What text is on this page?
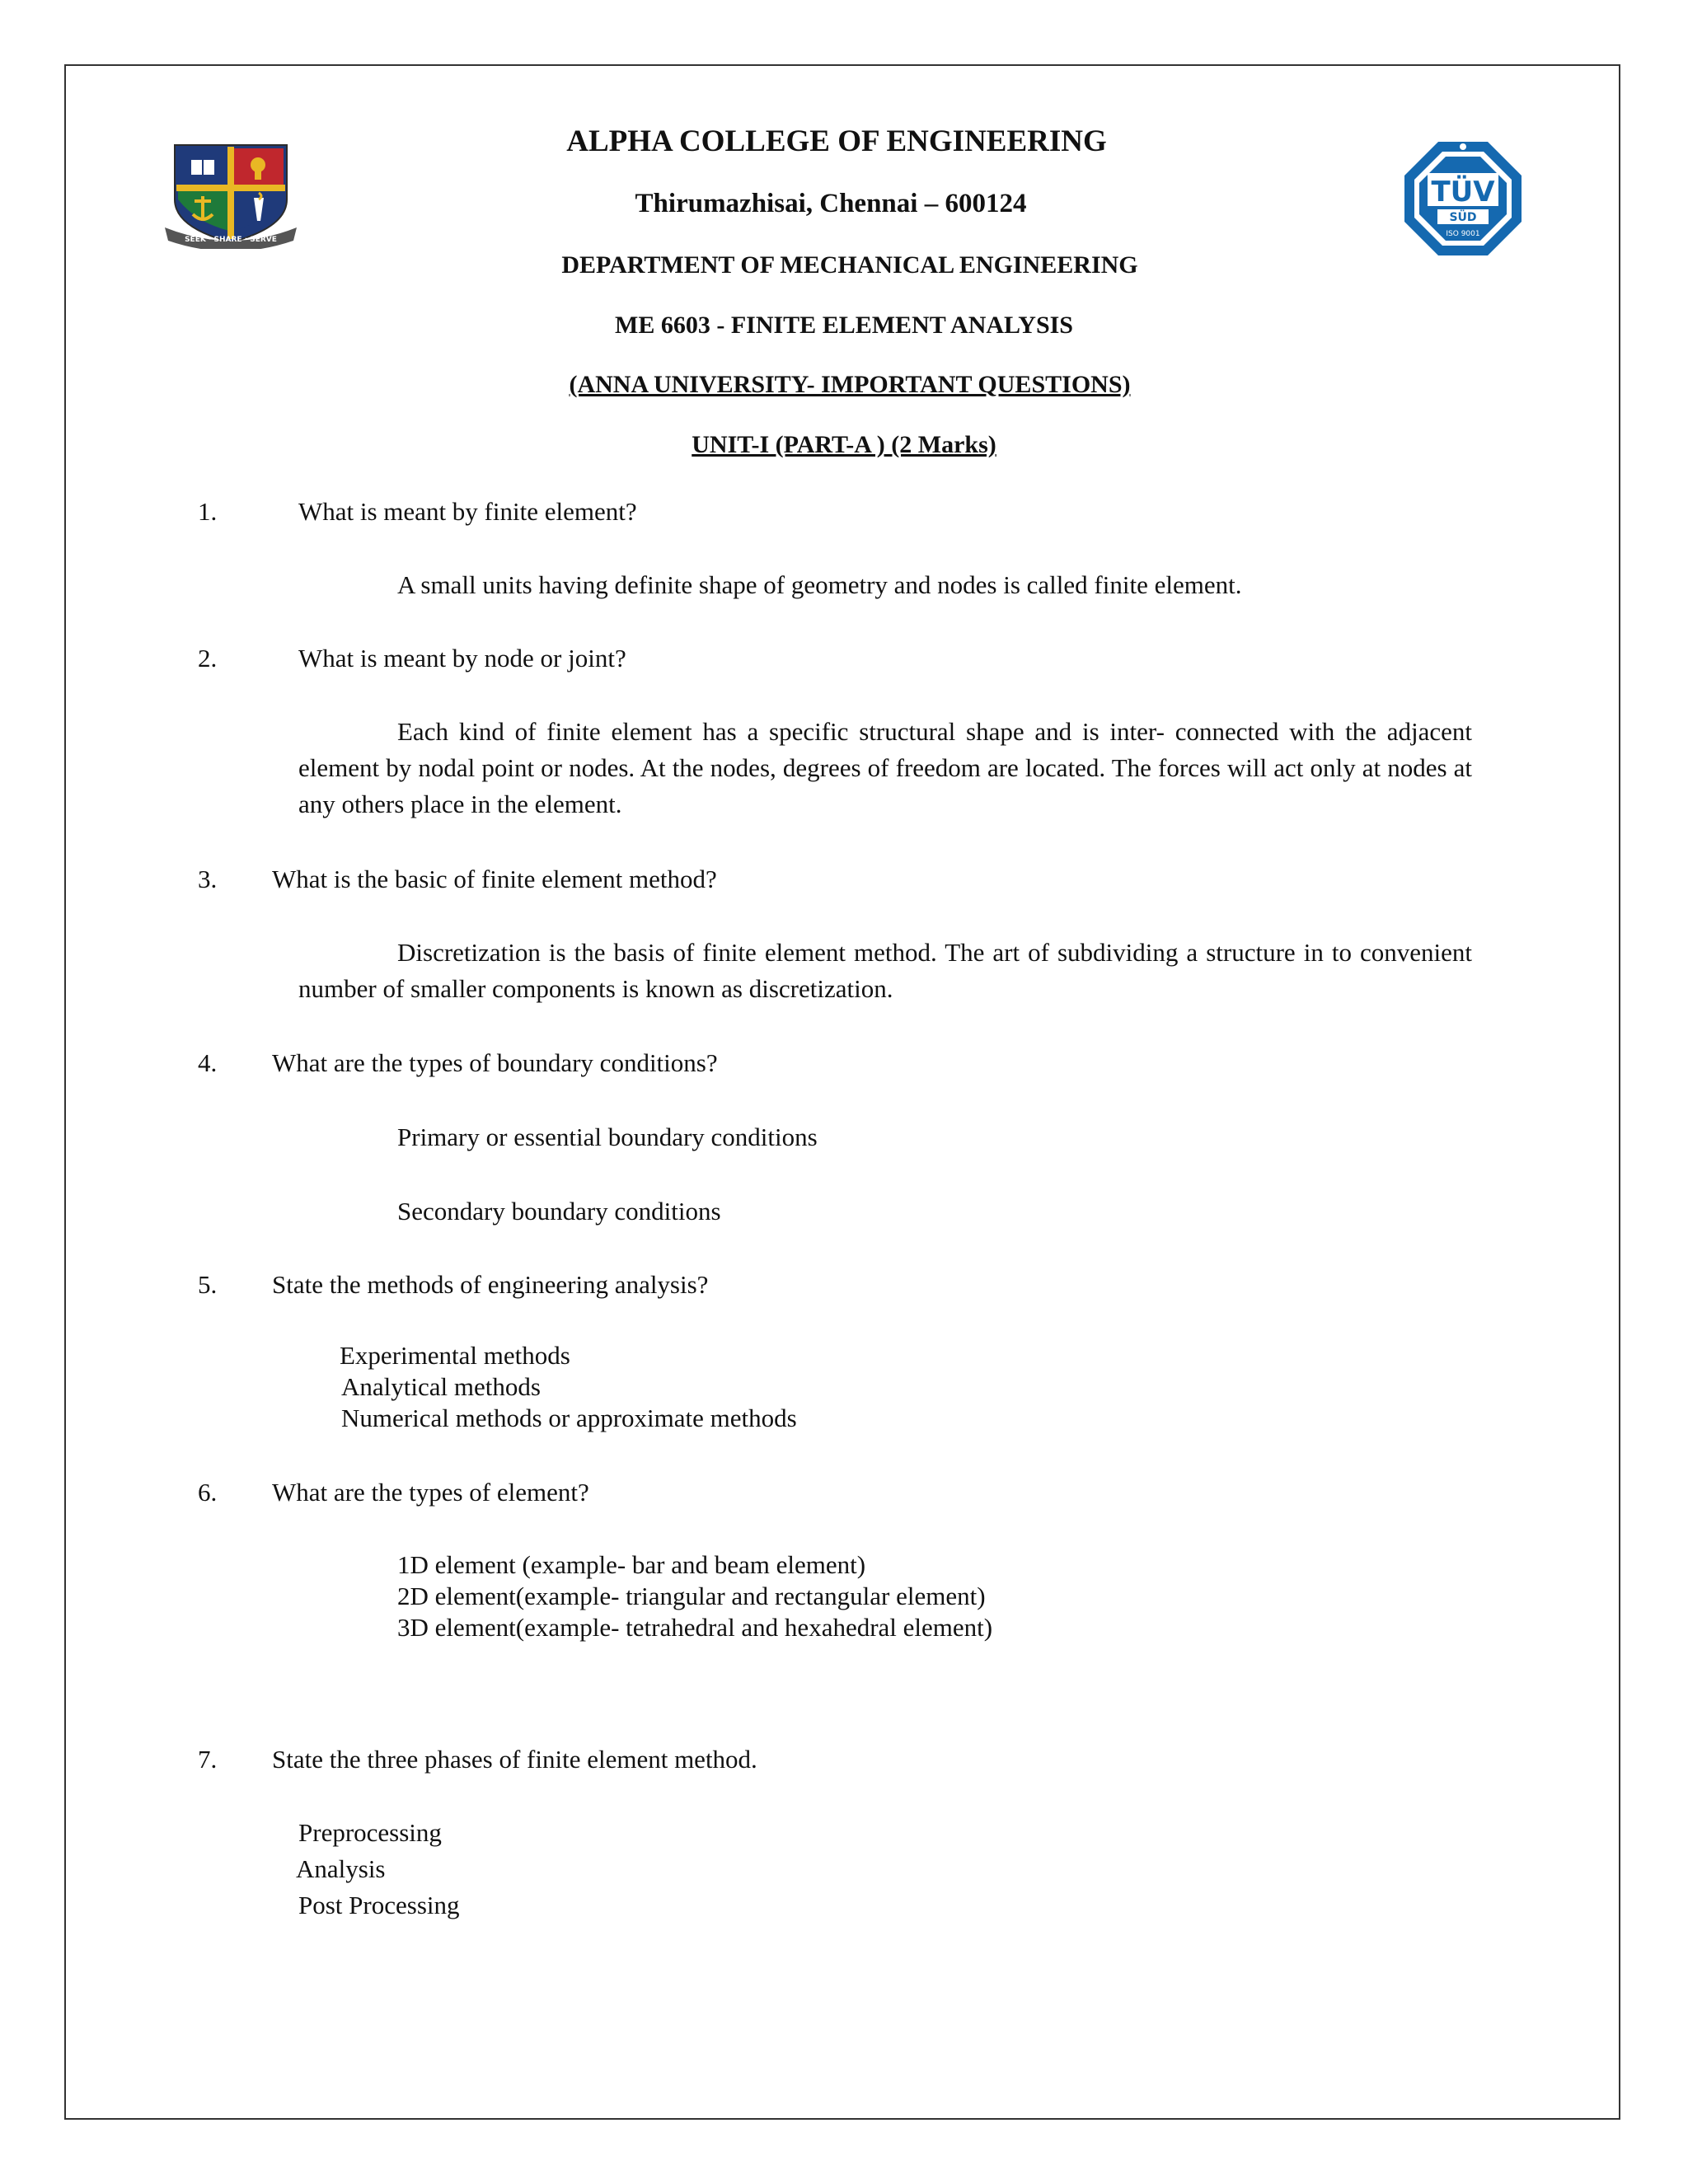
SEEK · SHARE · SERVE
TÜV
SÜD
ISO 9001
ALPHA COLLEGE OF ENGINEERING
Thirumazhisai, Chennai – 600124
DEPARTMENT OF MECHANICAL ENGINEERING
ME 6603 - FINITE ELEMENT ANALYSIS
(ANNA UNIVERSITY- IMPORTANT QUESTIONS)
UNIT-I (PART-A ) (2 Marks)
1.	What is meant by finite element?
A small units having definite shape of geometry and nodes is called finite element.
2.	What is meant by node or joint?
Each kind of finite element has a specific structural shape and is inter- connected with the adjacent element by nodal point or nodes. At the nodes, degrees of freedom are located. The forces will act only at nodes at any others place in the element.
3. What is the basic of finite element method?
Discretization is the basis of finite element method. The art of subdividing a structure in to convenient number of smaller components is known as discretization.
4. What are the types of boundary conditions?
Primary or essential boundary conditions
Secondary boundary conditions
5. State the methods of engineering analysis?
Experimental methods
Analytical methods
Numerical methods or approximate methods
6. What are the types of element?
1D element (example- bar and beam element)
2D element(example- triangular and rectangular element)
3D element(example- tetrahedral and hexahedral element)
7. State the three phases of finite element method.
Preprocessing
Analysis
Post Processing
